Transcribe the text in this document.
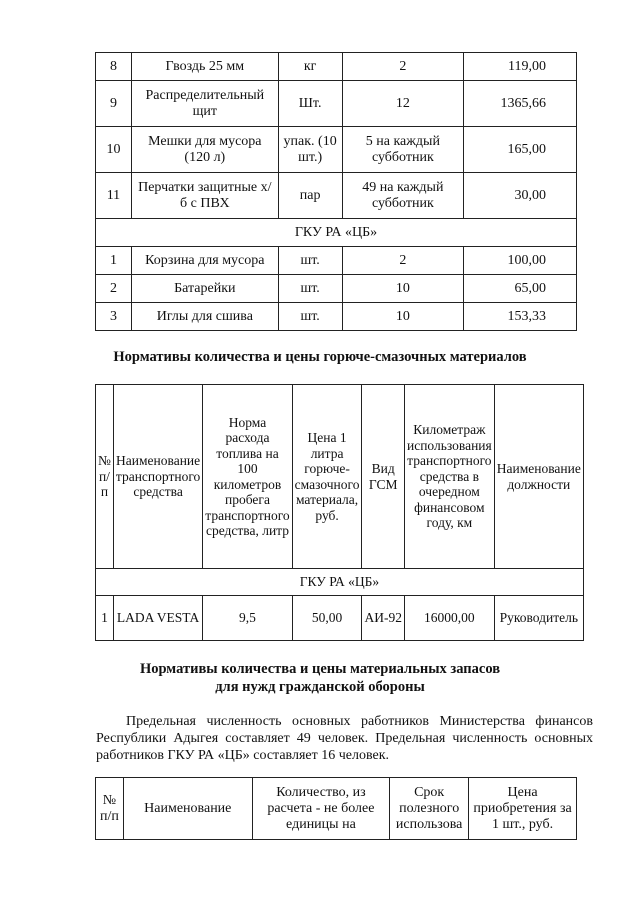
8	Гвоздь 25 мм	кг	2	119,00
9	Распределительный щит	Шт.	12	1365,66
10	Мешки для мусора (120 л)	упак. (10 шт.)	5 на каждый субботник	165,00
11	Перчатки защитные х/б с ПВХ	пар	49 на каждый субботник	30,00
ГКУ РА «ЦБ»				
1	Корзина для мусора	шт.	2	100,00
2	Батарейки	шт.	10	65,00
3	Иглы для сшива	шт.	10	153,33
Нормативы количества и цены горюче-смазочных материалов
№ п/п	Наименование транспортного средства	Норма расхода топлива на 100 километров пробега транспортного средства, литр	Цена 1 литра горюче-смазочного материала, руб.	Вид ГСМ	Километраж использования транспортного средства в очередном финансовом году, км	Наименование должности
ГКУ РА «ЦБ»						
1	LADA VESTA	9,5	50,00	АИ-92	16000,00	Руководитель
Нормативы количества и цены материальных запасов
для нужд гражданской обороны
Предельная численность основных работников Министерства финансов Республики Адыгея составляет 49 человек. Предельная численность основных работников ГКУ РА «ЦБ» составляет 16 человек.
№ п/п	Наименование	Количество, из расчета - не более единицы на	Срок полезного использова	Цена приобретения за 1 шт., руб.
